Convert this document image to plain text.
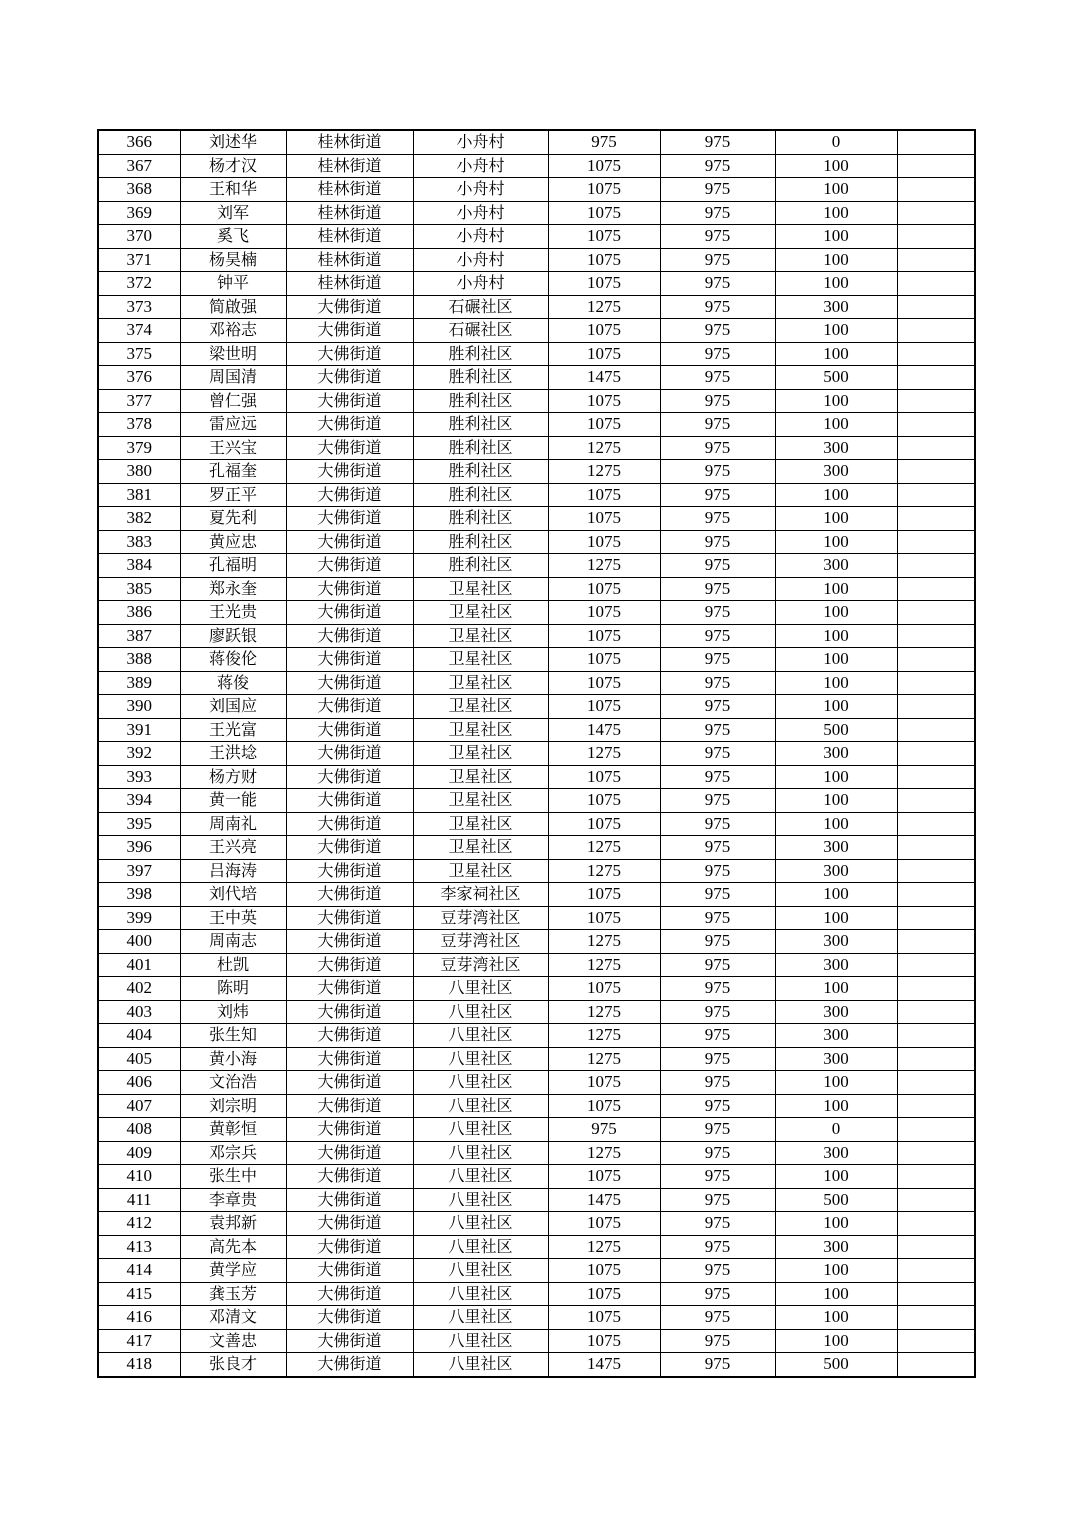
366	刘述华	桂林街道	小舟村	975	975	0	
367	杨才汉	桂林街道	小舟村	1075	975	100	
368	王和华	桂林街道	小舟村	1075	975	100	
369	刘军	桂林街道	小舟村	1075	975	100	
370	奚飞	桂林街道	小舟村	1075	975	100	
371	杨昊楠	桂林街道	小舟村	1075	975	100	
372	钟平	桂林街道	小舟村	1075	975	100	
373	简啟强	大佛街道	石碾社区	1275	975	300	
374	邓裕志	大佛街道	石碾社区	1075	975	100	
375	梁世明	大佛街道	胜利社区	1075	975	100	
376	周国清	大佛街道	胜利社区	1475	975	500	
377	曾仁强	大佛街道	胜利社区	1075	975	100	
378	雷应远	大佛街道	胜利社区	1075	975	100	
379	王兴宝	大佛街道	胜利社区	1275	975	300	
380	孔福奎	大佛街道	胜利社区	1275	975	300	
381	罗正平	大佛街道	胜利社区	1075	975	100	
382	夏先利	大佛街道	胜利社区	1075	975	100	
383	黄应忠	大佛街道	胜利社区	1075	975	100	
384	孔福明	大佛街道	胜利社区	1275	975	300	
385	郑永奎	大佛街道	卫星社区	1075	975	100	
386	王光贵	大佛街道	卫星社区	1075	975	100	
387	廖跃银	大佛街道	卫星社区	1075	975	100	
388	蒋俊伦	大佛街道	卫星社区	1075	975	100	
389	蒋俊	大佛街道	卫星社区	1075	975	100	
390	刘国应	大佛街道	卫星社区	1075	975	100	
391	王光富	大佛街道	卫星社区	1475	975	500	
392	王洪埝	大佛街道	卫星社区	1275	975	300	
393	杨方财	大佛街道	卫星社区	1075	975	100	
394	黄一能	大佛街道	卫星社区	1075	975	100	
395	周南礼	大佛街道	卫星社区	1075	975	100	
396	王兴亮	大佛街道	卫星社区	1275	975	300	
397	吕海涛	大佛街道	卫星社区	1275	975	300	
398	刘代培	大佛街道	李家祠社区	1075	975	100	
399	王中英	大佛街道	豆芽湾社区	1075	975	100	
400	周南志	大佛街道	豆芽湾社区	1275	975	300	
401	杜凯	大佛街道	豆芽湾社区	1275	975	300	
402	陈明	大佛街道	八里社区	1075	975	100	
403	刘炜	大佛街道	八里社区	1275	975	300	
404	张生知	大佛街道	八里社区	1275	975	300	
405	黄小海	大佛街道	八里社区	1275	975	300	
406	文治浩	大佛街道	八里社区	1075	975	100	
407	刘宗明	大佛街道	八里社区	1075	975	100	
408	黄彰恒	大佛街道	八里社区	975	975	0	
409	邓宗兵	大佛街道	八里社区	1275	975	300	
410	张生中	大佛街道	八里社区	1075	975	100	
411	李章贵	大佛街道	八里社区	1475	975	500	
412	袁邦新	大佛街道	八里社区	1075	975	100	
413	高先本	大佛街道	八里社区	1275	975	300	
414	黄学应	大佛街道	八里社区	1075	975	100	
415	龚玉芳	大佛街道	八里社区	1075	975	100	
416	邓清文	大佛街道	八里社区	1075	975	100	
417	文善忠	大佛街道	八里社区	1075	975	100	
418	张良才	大佛街道	八里社区	1475	975	500	
